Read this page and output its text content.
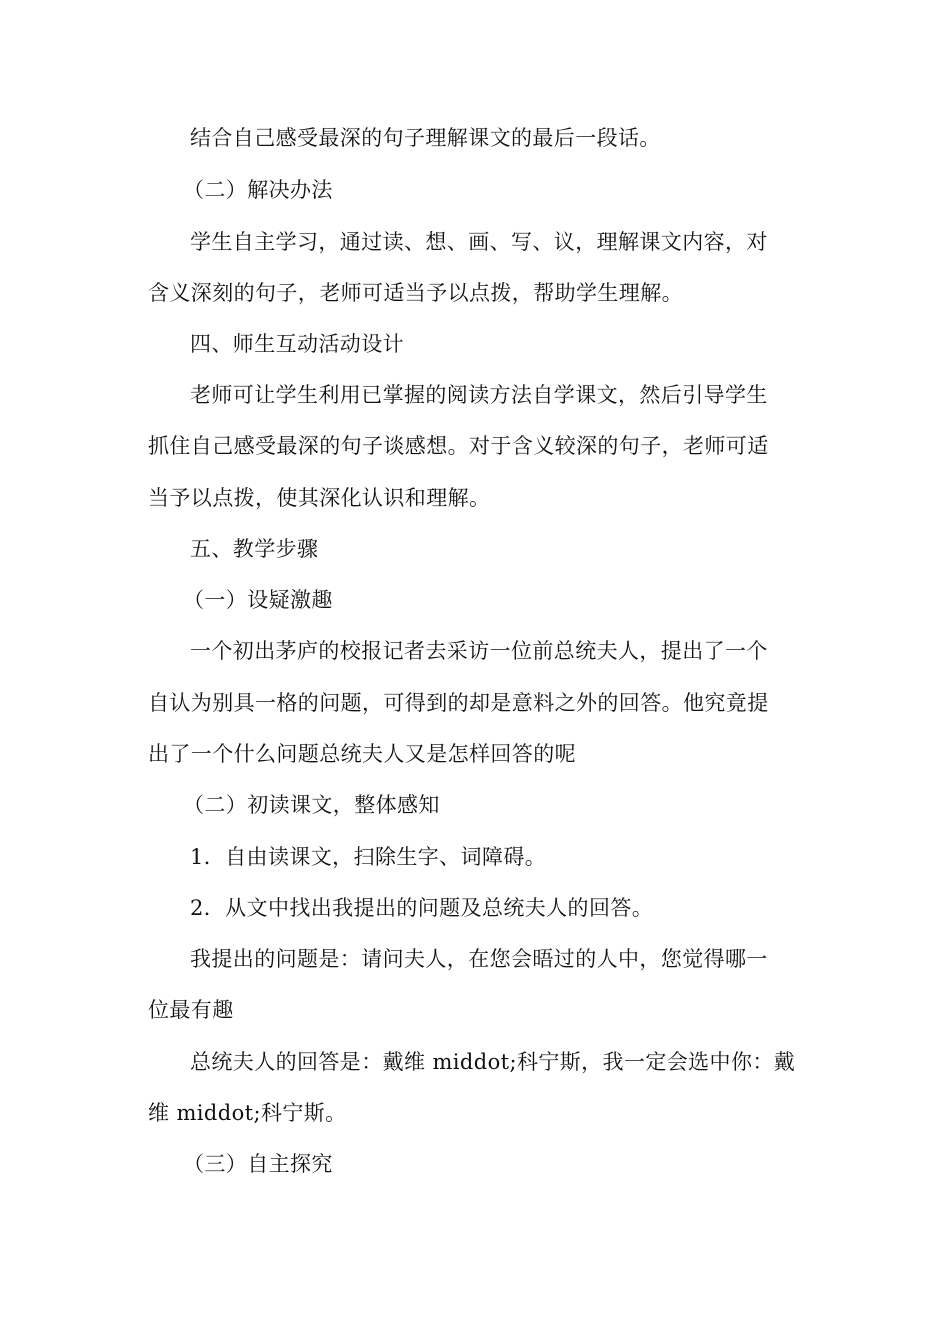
结合自己感受最深的句子理解课文的最后一段话。
（二）解决办法
学生自主学习，通过读、想、画、写、议，理解课文内容，对
含义深刻的句子，老师可适当予以点拨，帮助学生理解。
四、师生互动活动设计
老师可让学生利用已掌握的阅读方法自学课文，然后引导学生
抓住自己感受最深的句子谈感想。对于含义较深的句子，老师可适
当予以点拨，使其深化认识和理解。
五、教学步骤
（一）设疑激趣
一个初出茅庐的校报记者去采访一位前总统夫人，提出了一个
自认为别具一格的问题，可得到的却是意料之外的回答。他究竟提
出了一个什么问题总统夫人又是怎样回答的呢
（二）初读课文，整体感知
1．自由读课文，扫除生字、词障碍。
2．从文中找出我提出的问题及总统夫人的回答。
我提出的问题是：请问夫人，在您会晤过的人中，您觉得哪一
位最有趣
总统夫人的回答是：戴维 middot;科宁斯，我一定会选中你：戴
维 middot;科宁斯。
（三）自主探究
